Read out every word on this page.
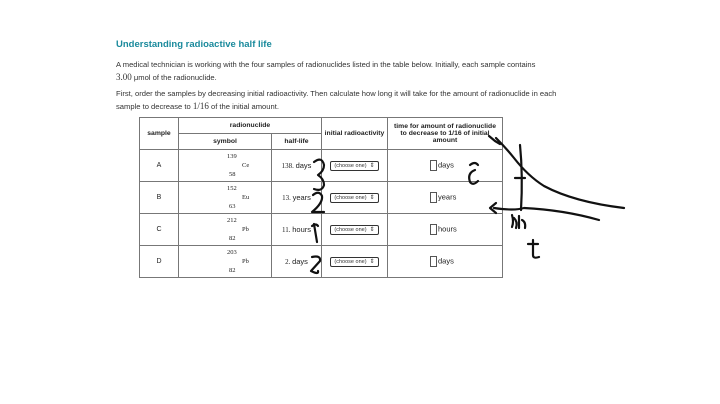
Understanding radioactive half life
A medical technician is working with the four samples of radionuclides listed in the table below. Initially, each sample contains
3.00 μmol of the radionuclide.
First, order the samples by decreasing initial radioactivity. Then calculate how long it will take for the amount of radionuclide in each
sample to decrease to 1/16 of the initial amount.
sample	radionuclide		initial radioactivity	time for amount of radionuclide to decrease to 1/16 of initial amount
	symbol	half-life		
A	139
Ce
58	138. days	(choose one) ⇕	days
B	152
Eu
63	13. years	(choose one) ⇕	years
C	212
Pb
82	11. hours	(choose one) ⇕	hours
D	203
Pb
82	2. days	(choose one) ⇕	days
